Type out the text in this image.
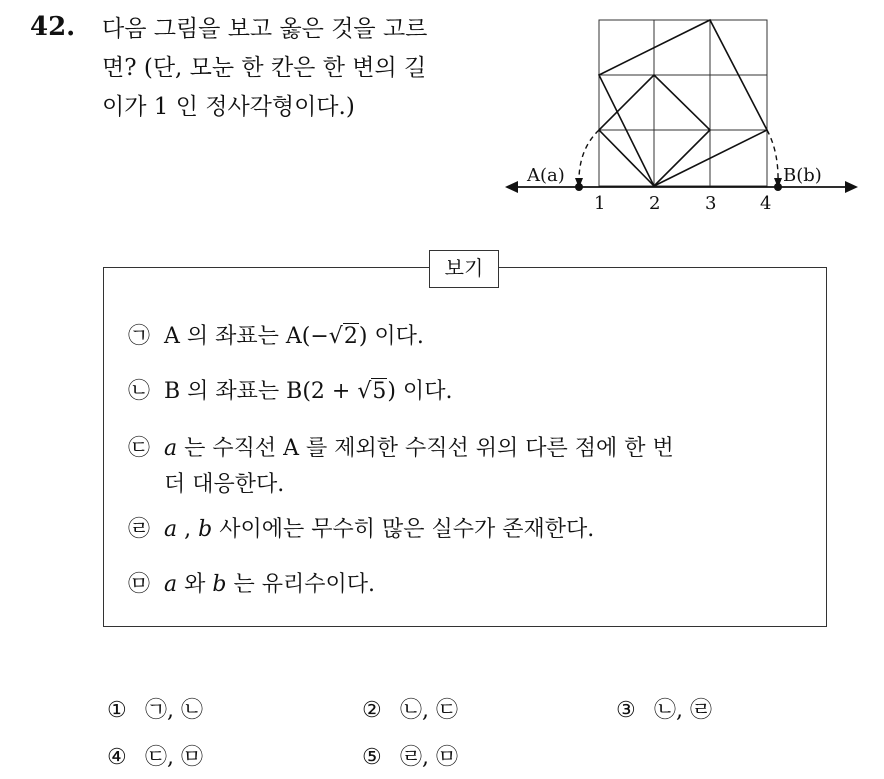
42. 다음 그림을 보고 옳은 것을 고르
면? (단, 모눈 한 칸은 한 변의 길
이가 1 인 정사각형이다.)
A(a)	B(b)
1 2 3 4
보기
㉠ A 의 좌표는 A(−√2) 이다.
㉡ B 의 좌표는 B(2 + √5) 이다.
㉢ a 는 수직선 A 를 제외한 수직선 위의 다른 점에 한 번
더 대응한다.
㉣ a , b 사이에는 무수히 많은 실수가 존재한다.
㉤ a 와 b 는 유리수이다.
① ㉠, ㉡	② ㉡, ㉢	③ ㉡, ㉣
④ ㉢, ㉤	⑤ ㉣, ㉤
